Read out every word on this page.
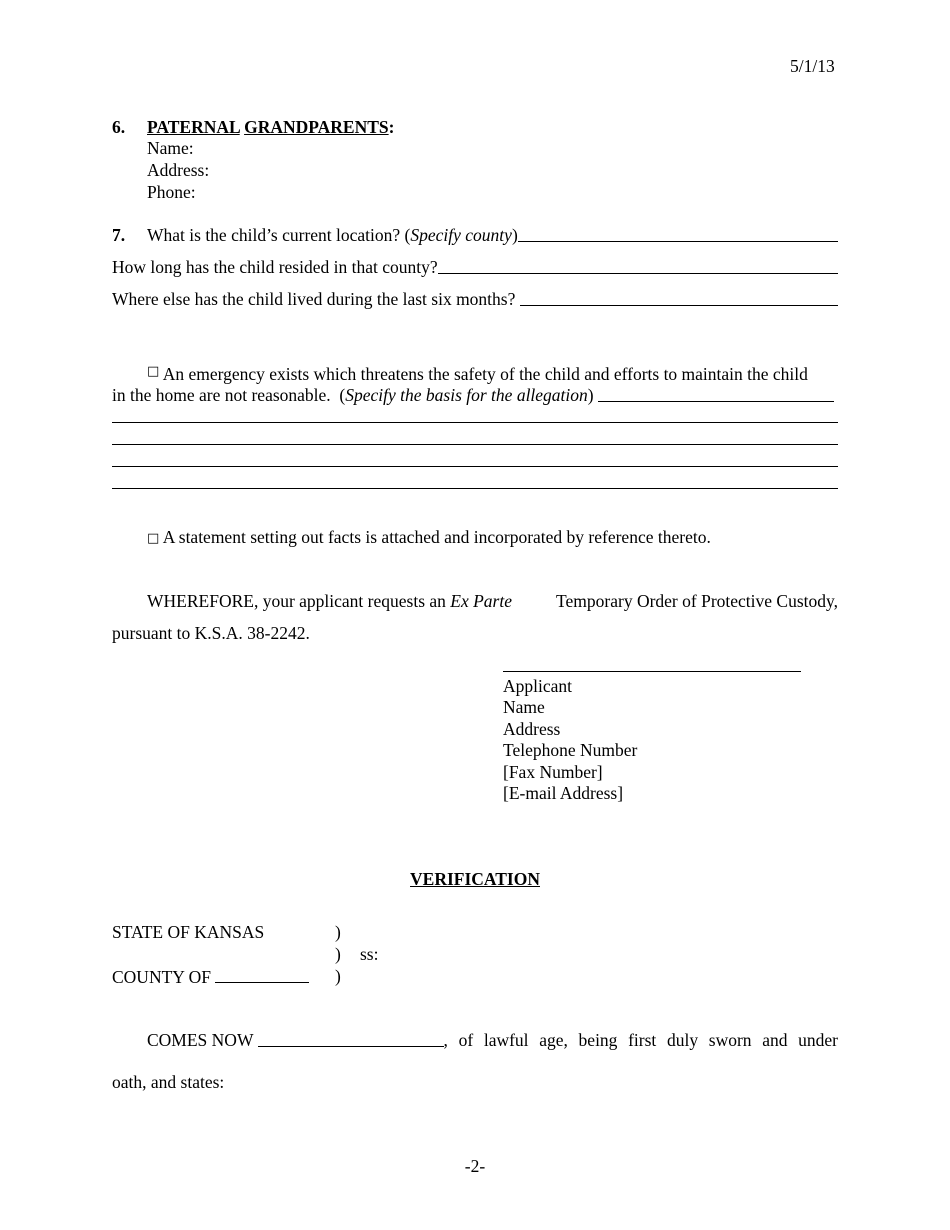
5/1/13
6. PATERNAL GRANDPARENTS:
Name:
Address:
Phone:
7. What is the child’s current location? ( Specify county )
How long has the child resided in that county?
Where else has the child lived during the last six months?
□ An emergency exists which threatens the safety of the child and efforts to maintain the child
in the home are not reasonable.  ( Specify the basis for the allegation )
□ A statement setting out facts is attached and incorporated by reference thereto.
WHEREFORE, your applicant requests an Ex Parte Temporary Order of Protective Custody,
pursuant to K.S.A. 38-2242.
Applicant
Name
Address
Telephone Number
[Fax Number]
[E-mail Address]
VERIFICATION
STATE OF KANSAS	)
) ss:
COUNTY OF	)
COMES NOW	, of lawful age, being first duly sworn and under
oath, and states:
-2-
